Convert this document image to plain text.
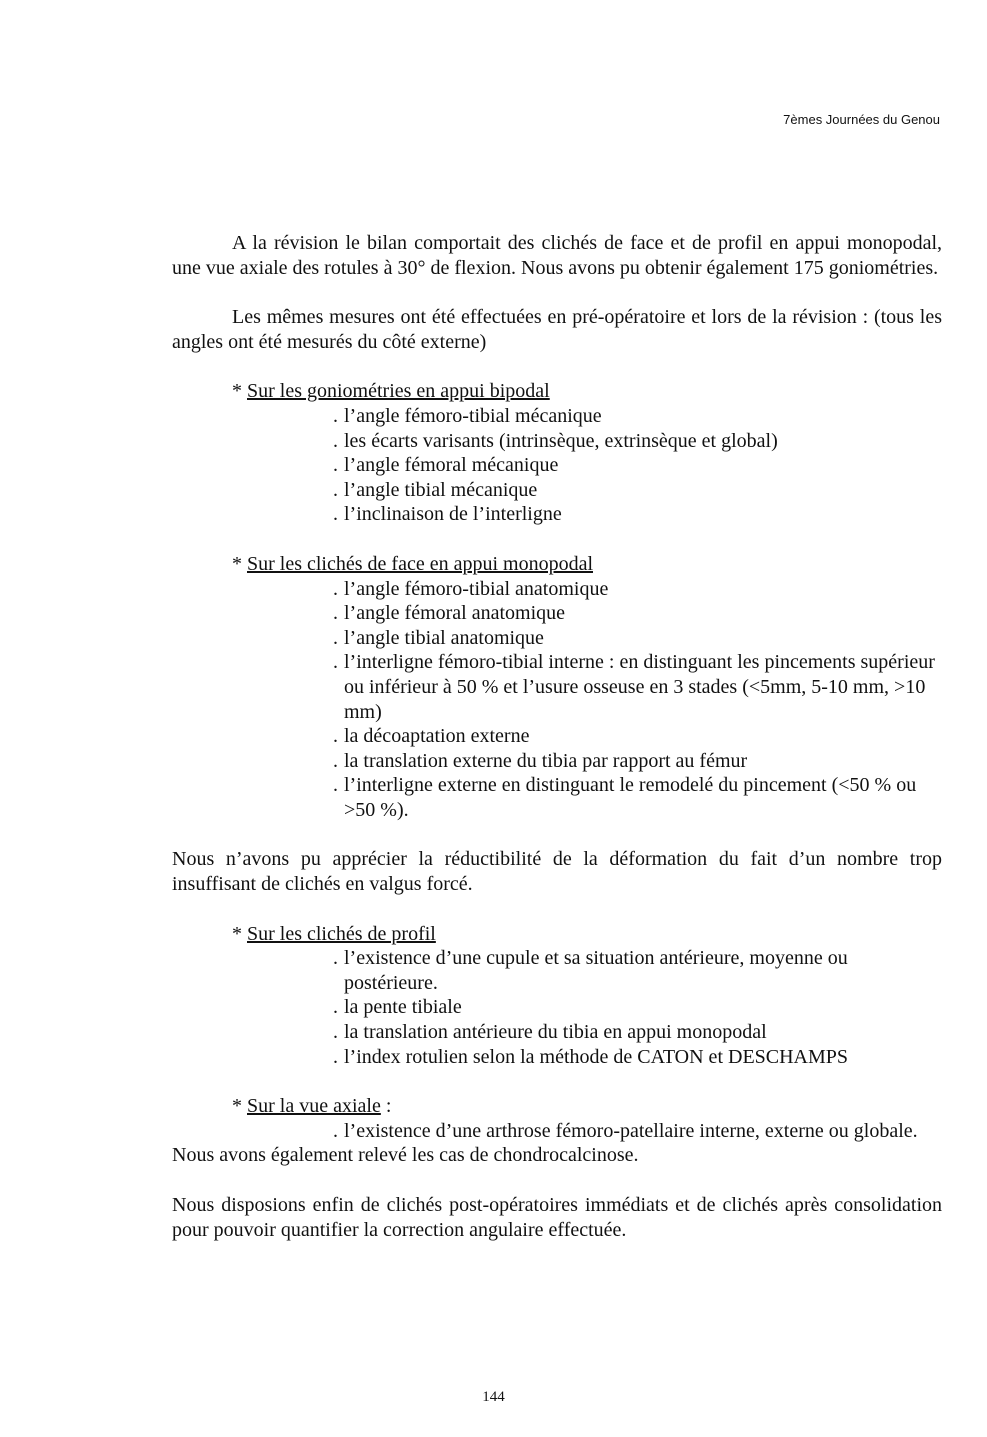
7èmes Journées du Genou

A la révision le bilan comportait des clichés de face et de profil en appui monopodal, une vue axiale des rotules à 30° de flexion. Nous avons pu obtenir également 175 goniométries.

Les mêmes mesures ont été effectuées en pré-opératoire et lors de la révision : (tous les angles ont été mesurés du côté externe)

* Sur les goniométries en appui bipodal

. l’angle fémoro-tibial mécanique
. les écarts varisants (intrinsèque, extrinsèque et global)
. l’angle fémoral mécanique
. l’angle tibial mécanique
. l’inclinaison de l’interligne

* Sur les clichés de face en appui monopodal

. l’angle fémoro-tibial anatomique
. l’angle fémoral anatomique
. l’angle tibial anatomique
. l’interligne fémoro-tibial interne : en distinguant les pincements supérieur ou inférieur à 50 % et l’usure osseuse en 3 stades (<5mm, 5-10 mm, >10 mm)
. la décoaptation externe
. la translation externe du tibia par rapport au fémur
. l’interligne externe en distinguant le remodelé du pincement (<50 % ou >50 %).

Nous n’avons pu apprécier la réductibilité de la déformation du fait d’un nombre trop insuffisant de clichés en valgus forcé.

* Sur les clichés de profil

. l’existence d’une cupule et sa situation antérieure, moyenne ou postérieure.
. la pente tibiale
. la translation antérieure du tibia en appui monopodal
. l’index rotulien selon la méthode de CATON et DESCHAMPS

* Sur la vue axiale :

. l’existence d’une arthrose fémoro-patellaire interne, externe ou globale.

Nous avons également relevé les cas de chondrocalcinose.

Nous disposions enfin de clichés post-opératoires immédiats et de clichés après consolidation pour pouvoir quantifier la correction angulaire effectuée.

144
